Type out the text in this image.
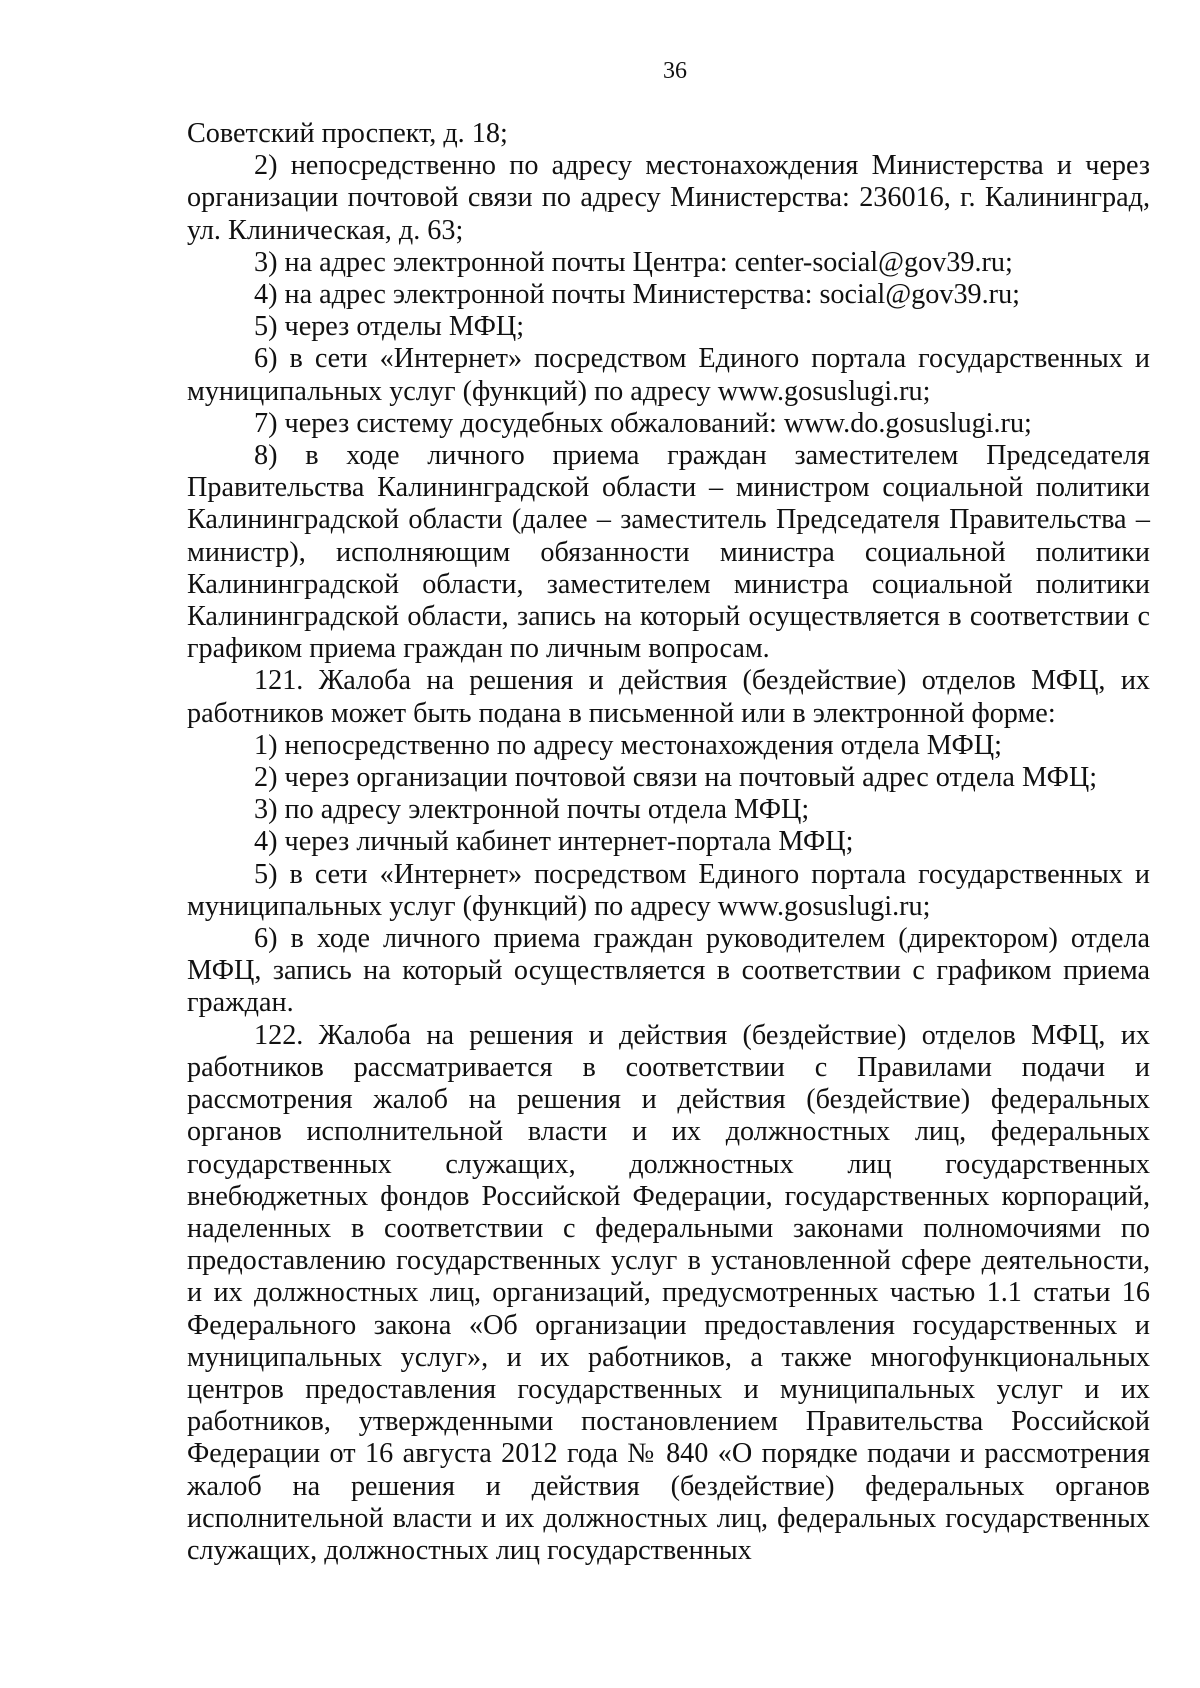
36

Советский проспект, д. 18;

2) непосредственно по адресу местонахождения Министерства и через организации почтовой связи по адресу Министерства: 236016, г. Калининград, ул. Клиническая, д. 63;

3) на адрес электронной почты Центра: center-social@gov39.ru;

4) на адрес электронной почты Министерства: social@gov39.ru;

5) через отделы МФЦ;

6) в сети «Интернет» посредством Единого портала государственных и муниципальных услуг (функций) по адресу www.gosuslugi.ru;

7) через систему досудебных обжалований: www.do.gosuslugi.ru;

8) в ходе личного приема граждан заместителем Председателя Правительства Калининградской области – министром социальной политики Калининградской области (далее – заместитель Председателя Правительства – министр), исполняющим обязанности министра социальной политики Калининградской области, заместителем министра социальной политики Калининградской области, запись на который осуществляется в соответствии с графиком приема граждан по личным вопросам.

121. Жалоба на решения и действия (бездействие) отделов МФЦ, их работников может быть подана в письменной или в электронной форме:

1) непосредственно по адресу местонахождения отдела МФЦ;

2) через организации почтовой связи на почтовый адрес отдела МФЦ;

3) по адресу электронной почты отдела МФЦ;

4) через личный кабинет интернет-портала МФЦ;

5) в сети «Интернет» посредством Единого портала государственных и муниципальных услуг (функций) по адресу www.gosuslugi.ru;

6) в ходе личного приема граждан руководителем (директором) отдела МФЦ, запись на который осуществляется в соответствии с графиком приема граждан.

122. Жалоба на решения и действия (бездействие) отделов МФЦ, их работников рассматривается в соответствии с Правилами подачи и рассмотрения жалоб на решения и действия (бездействие) федеральных органов исполнительной власти и их должностных лиц, федеральных государственных служащих, должностных лиц государственных внебюджетных фондов Российской Федерации, государственных корпораций, наделенных в соответствии с федеральными законами полномочиями по предоставлению государственных услуг в установленной сфере деятельности, и их должностных лиц, организаций, предусмотренных частью 1.1 статьи 16 Федерального закона «Об организации предоставления государственных и муниципальных услуг», и их работников, а также многофункциональных центров предоставления государственных и муниципальных услуг и их работников, утвержденными постановлением Правительства Российской Федерации от 16 августа 2012 года № 840 «О порядке подачи и рассмотрения жалоб на решения и действия (бездействие) федеральных органов исполнительной власти и их должностных лиц, федеральных государственных служащих, должностных лиц государственных
